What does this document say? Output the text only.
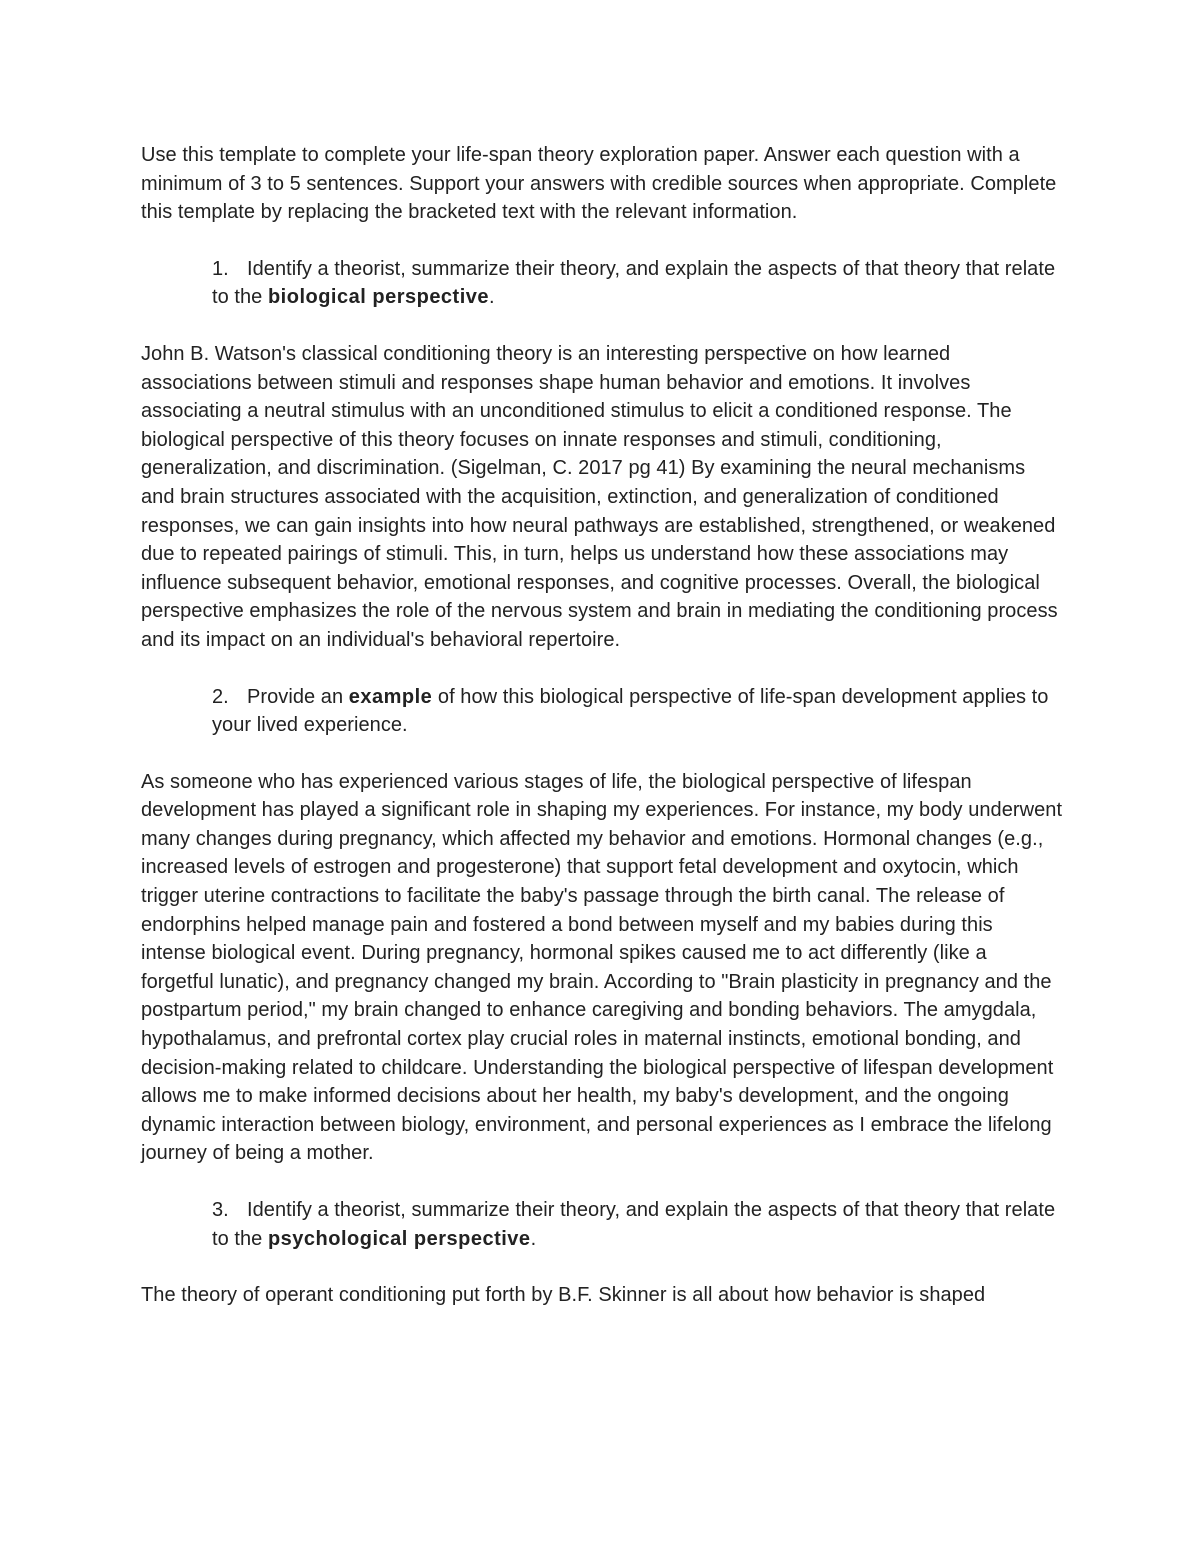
Use this template to complete your life-span theory exploration paper. Answer each question with a minimum of 3 to 5 sentences. Support your answers with credible sources when appropriate. Complete this template by replacing the bracketed text with the relevant information.

1. Identify a theorist, summarize their theory, and explain the aspects of that theory that relate to the biological perspective.

John B. Watson's classical conditioning theory is an interesting perspective on how learned associations between stimuli and responses shape human behavior and emotions. It involves associating a neutral stimulus with an unconditioned stimulus to elicit a conditioned response. The biological perspective of this theory focuses on innate responses and stimuli, conditioning, generalization, and discrimination. (Sigelman, C. 2017 pg 41) By examining the neural mechanisms and brain structures associated with the acquisition, extinction, and generalization of conditioned responses, we can gain insights into how neural pathways are established, strengthened, or weakened due to repeated pairings of stimuli. This, in turn, helps us understand how these associations may influence subsequent behavior, emotional responses, and cognitive processes. Overall, the biological perspective emphasizes the role of the nervous system and brain in mediating the conditioning process and its impact on an individual's behavioral repertoire.

2. Provide an example of how this biological perspective of life-span development applies to your lived experience.

As someone who has experienced various stages of life, the biological perspective of lifespan development has played a significant role in shaping my experiences. For instance, my body underwent many changes during pregnancy, which affected my behavior and emotions. Hormonal changes (e.g., increased levels of estrogen and progesterone) that support fetal development and oxytocin, which trigger uterine contractions to facilitate the baby's passage through the birth canal. The release of endorphins helped manage pain and fostered a bond between myself and my babies during this intense biological event. During pregnancy, hormonal spikes caused me to act differently (like a forgetful lunatic), and pregnancy changed my brain. According to "Brain plasticity in pregnancy and the postpartum period," my brain changed to enhance caregiving and bonding behaviors. The amygdala, hypothalamus, and prefrontal cortex play crucial roles in maternal instincts, emotional bonding, and decision-making related to childcare. Understanding the biological perspective of lifespan development allows me to make informed decisions about her health, my baby's development, and the ongoing dynamic interaction between biology, environment, and personal experiences as I embrace the lifelong journey of being a mother.

3. Identify a theorist, summarize their theory, and explain the aspects of that theory that relate to the psychological perspective.

The theory of operant conditioning put forth by B.F. Skinner is all about how behavior is shaped
